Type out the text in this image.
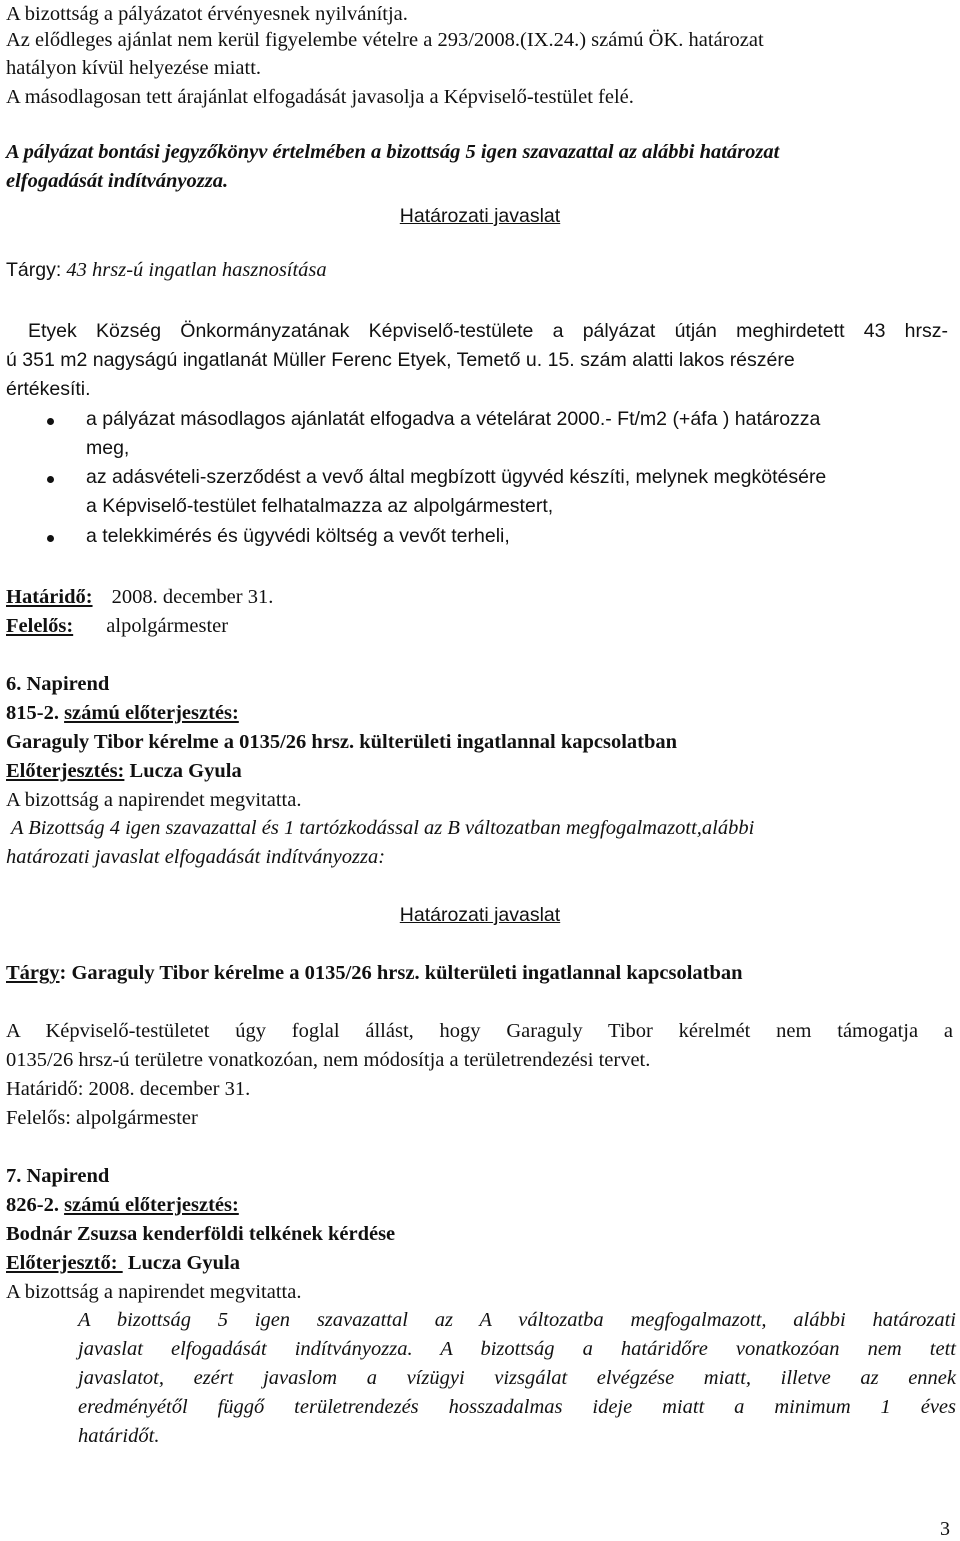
A bizottság a pályázatot érvényesnek nyilvánítja.
Az elődleges ajánlat nem kerül figyelembe vételre a 293/2008.(IX.24.) számú ÖK. határozat
hatályon kívül helyezése miatt.
A másodlagosan tett árajánlat elfogadását javasolja a Képviselő-testület felé.
A pályázat bontási jegyzőkönyv értelmében a bizottság 5 igen szavazattal az alábbi határozat
elfogadását indítványozza.
Határozati javaslat
Tárgy: 43 hrsz-ú ingatlan hasznosítása
Etyek Község Önkormányzatának Képviselő-testülete a pályázat útján meghirdetett 43 hrsz-
ú 351 m2 nagyságú ingatlanát Müller Ferenc Etyek, Temető u. 15. szám alatti lakos részére
értékesíti.
a pályázat másodlagos ajánlatát elfogadva a vételárat 2000.- Ft/m2 (+áfa ) határozza
meg,
az adásvételi-szerződést a vevő által megbízott ügyvéd készíti, melynek megkötésére
a Képviselő-testület felhatalmazza az alpolgármestert,
a telekkimérés és ügyvédi költség a vevőt terheli,
Határidő: 2008. december 31.
Felelős: alpolgármester
6. Napirend
815-2. számú előterjesztés:
Garaguly Tibor kérelme a 0135/26 hrsz. külterületi ingatlannal kapcsolatban
Előterjesztés: Lucza Gyula
A bizottság a napirendet megvitatta.
A Bizottság 4 igen szavazattal és 1 tartózkodással az B változatban megfogalmazott,alábbi
határozati javaslat elfogadását indítványozza:
Határozati javaslat
Tárgy: Garaguly Tibor kérelme a 0135/26 hrsz. külterületi ingatlannal kapcsolatban
A Képviselő-testületet úgy foglal állást, hogy Garaguly Tibor kérelmét nem támogatja a
0135/26 hrsz-ú területre vonatkozóan, nem módosítja a területrendezési tervet.
Határidő: 2008. december 31.
Felelős: alpolgármester
7. Napirend
826-2. számú előterjesztés:
Bodnár Zsuzsa kenderföldi telkének kérdése
Előterjesztő:  Lucza Gyula
A bizottság a napirendet megvitatta.
A bizottság 5 igen szavazattal az A változatba megfogalmazott, alábbi határozati
javaslat elfogadását indítványozza. A bizottság a határidőre vonatkozóan nem tett
javaslatot, ezért javaslom a vízügyi vizsgálat elvégzése miatt, illetve az ennek
eredményétől függő területrendezés hosszadalmas ideje miatt a minimum 1 éves
határidőt.
3
